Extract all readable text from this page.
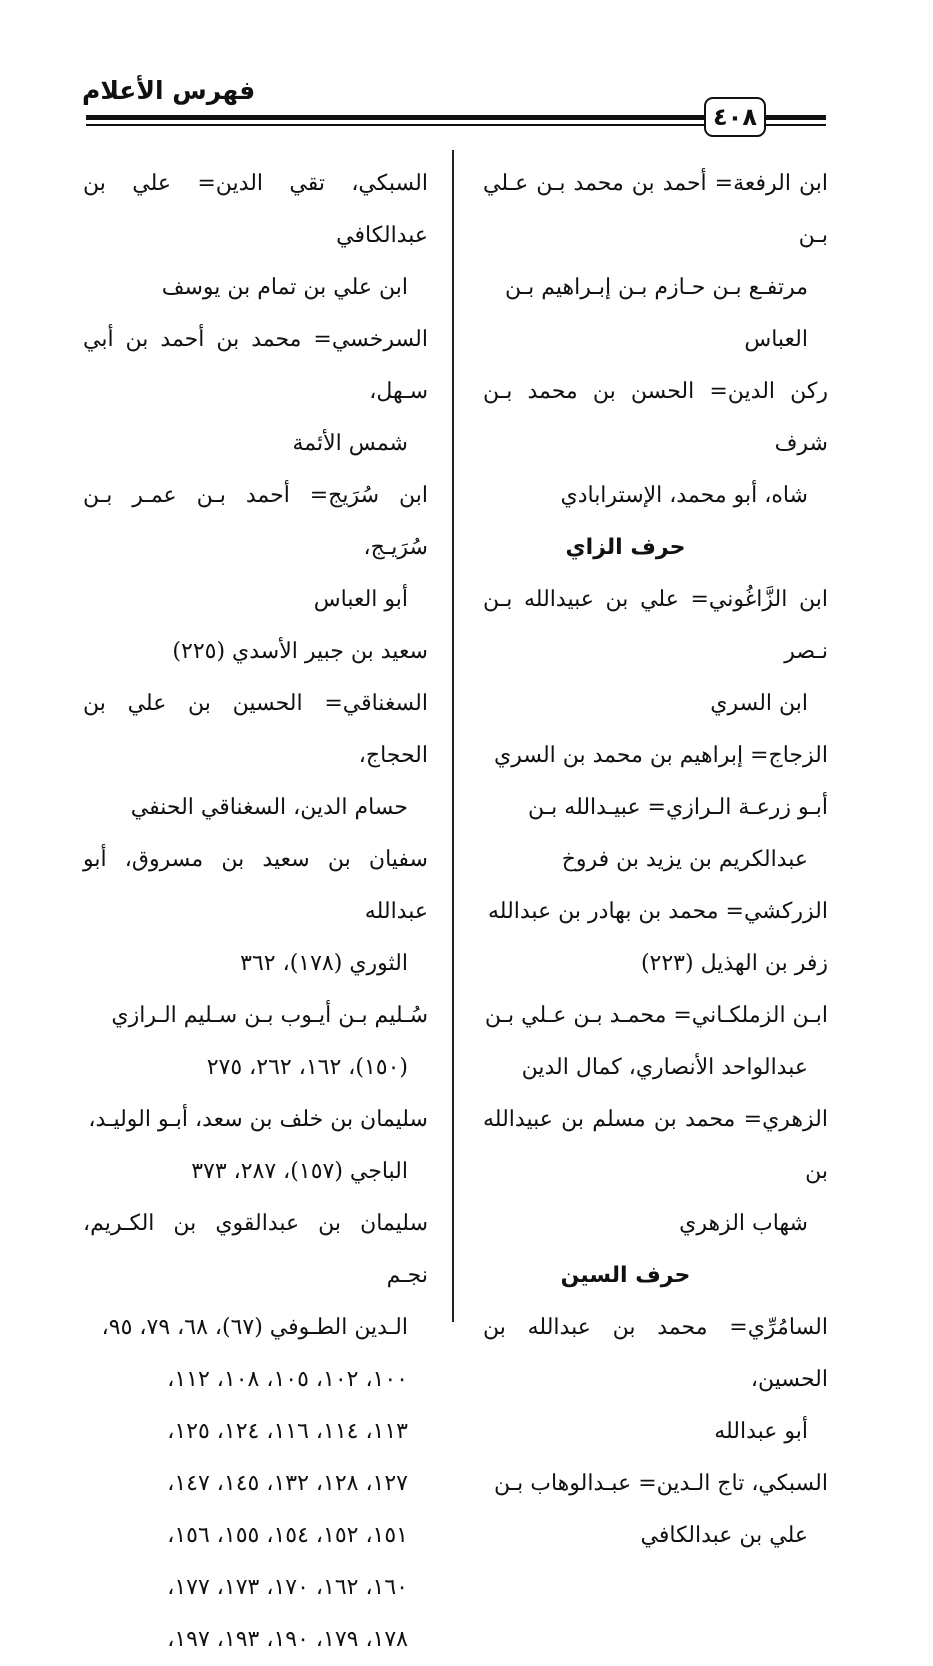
فهرس الأعلام
٤٠٨
ابن الرفعة= أحمد بن محمد بـن عـلي بـن
مرتفـع بـن حـازم بـن إبـراهيم بـن
العباس
ركن الدين= الحسن بن محمد بـن شرف
شاه، أبو محمد، الإسترابادي

حرف الزاي

ابن الزَّاغُوني= علي بن عبيدالله بـن نـصر
ابن السري
الزجاج= إبراهيم بن محمد بن السري
أبـو زرعـة الـرازي= عبيـدالله بـن
عبدالكريم بن يزيد بن فروخ
الزركشي= محمد بن بهادر بن عبدالله
زفر بن الهذيل (٢٢٣)
ابـن الزملكـاني= محمـد بـن عـلي بـن
عبدالواحد الأنصاري، كمال الدين
الزهري= محمد بن مسلم بن عبيدالله بن
شهاب الزهري

حرف السين

السامُرِّي= محمد بن عبدالله بن الحسين،
أبو عبدالله
السبكي، تاج الـدين= عبـدالوهاب بـن
علي بن عبدالكافي
السبكي، تقي الدين= علي بن عبدالكافي
ابن علي بن تمام بن يوسف
السرخسي= محمد بن أحمد بن أبي سـهل،
شمس الأئمة
ابن سُرَيج= أحمد بـن عمـر بـن سُرَيـج،
أبو العباس
سعيد بن جبير الأسدي (٢٢٥)
السغناقي= الحسين بن علي بن الحجاج،
حسام الدين، السغناقي الحنفي
سفيان بن سعيد بن مسروق، أبو عبدالله
الثوري (١٧٨)، ٣٦٢
سُـليم بـن أيـوب بـن سـليم الـرازي
(١٥٠)، ١٦٢، ٢٦٢، ٢٧٥
سليمان بن خلف بن سعد، أبـو الوليـد،
الباجي (١٥٧)، ٢٨٧، ٣٧٣
سليمان بن عبدالقوي بن الكـريم، نجـم
الـدين الطـوفي (٦٧)، ٦٨، ٧٩، ٩٥،
١٠٠، ١٠٢، ١٠٥، ١٠٨، ١١٢،
١١٣، ١١٤، ١١٦، ١٢٤، ١٢٥،
١٢٧، ١٢٨، ١٣٢، ١٤٥، ١٤٧،
١٥١، ١٥٢، ١٥٤، ١٥٥، ١٥٦،
١٦٠، ١٦٢، ١٧٠، ١٧٣، ١٧٧،
١٧٨، ١٧٩، ١٩٠، ١٩٣، ١٩٧،
